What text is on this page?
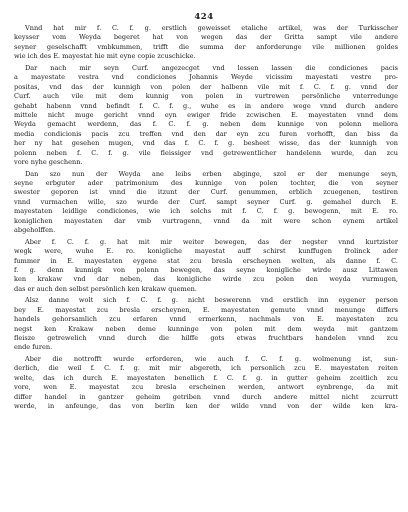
424
Vnnd hat mir f. C. f. g. erstlich geweisset etaliche artikel, was der Turkisscher
keysser vom Weyda begeret hat von wegen das der Gritta sampt vile andere
seyner geselschafft vmbkummen, trifft die summa der anforderunge vile millionen goldes
wie ich des E. mayestat hie mit eyne copie zcuschicke.
Dar nach mir seyn Curf. angezecget vnd lessen lassen die condiciones pacis
a mayestate vestra vnd condiciones Johannis Weyde vicissim mayestati vestre pro-
positas, vnd das der kunnigh von polen der halbenn vile mit f. C. f. g. vnnd der
Curf. auch vile mit dem kunnig von polen in vurtrewen persönliche vnterredunge
gehabt habenn vnnd befindt f. C. f. g., wuhe es in andere wege vnnd durch andere
mittele nicht muge gericht vnnd eyn ewiger fride zcwischen E. mayestaten vnnd dem
Weyda gemacht werdenn, das f. C. f. g. neben dem kunnige von polenn meliora
media condicionis pacis zcu treffen vnd den dar eyn zcu furen vorhofft, dan biss da
her ny hat gesehen mugen, vnd das f. C. f. g. besheet wisse, das der kunnigh von
polenn neben f. C. f. g. vile fleissiger vnd getrewentlicher handelenn wurde, dan zcu
vore nyhe geschenn.
Dan szo nun der Weyda ane leibs erben abginge, szol er der menunge seyn,
seyne erbguter ader patrimonium des kunnige von polen tochter, die von seyner
swester geporen ist vnnd die itzunt der Curf. genummen, erblich zcuegenen, testiren
vnnd vurmachen wille, szo wurde der Curf. sampt seyner Curf. g. gemahel durch E.
mayestaten leidlige condiciones, wie ich solchs mit f. C. f. g. bewogenn, mit E. ro.
koniglichen mayestaten dar vmb vurtragenn, vnnd da mit were schon eynem artikel
abgeholffen.
Aber f. C. f. g. hat mit mir weiter bewegen, das der negster vnnd kurtzister
wegk were, wuhe E. ro. konigliche mayestat auff schirst kunffugen frolinck ader
fummer in E. mayestaten eygene stat zcu bresla erscheynen welten, als danne f. C.
f. g. denn kunnigk von polenn bewegen, das seyne konigliche wirde ausz Littawen
ken krakaw vnd dar neben, das konigliche wirde zcu polen den weyda vurmugen,
das er auch den selbst persönlich ken krakaw quemen.
Alsz danne wolt sich f. C. f. g. nicht beswerenn vnd erstlich inn eygener person
bey E. mayestat zcu bresla erscheynen, E. mayestaten gemute vnnd menunge differs
handels gehorsamlich zcu erfaren vnnd ermerkenn, nachmals von E. mayestaten zcu
negst ken Krakaw neben deme kunninge von polen mit dem weyda mit gantzem
fleisze getrewelich vnnd durch die hilffe gots etwas fruchtbars handelen vnnd zcu
ende furen.
Aber die nottrofft wurde erforderen, wie auch f. C. f. g. wolmenung ist, sun-
derlich, die weil f. C. f. g. mit mir abgereth, ich personlich zcu E. mayestaten reiten
welte, das ich durch E. mayestaten benellich f. C. f. g. in gutter geheim zceitlich zcu
vore, wen E. mayestat zcu bresla erscheinen werden, antwort eynbrenge, da mit
differ handel in gantzer geheim getriben vnnd durch andere mittel nicht zcurrutt
werde, in anfeunge, das von berlin ken der wilde vnnd von der wilde ken kra-
